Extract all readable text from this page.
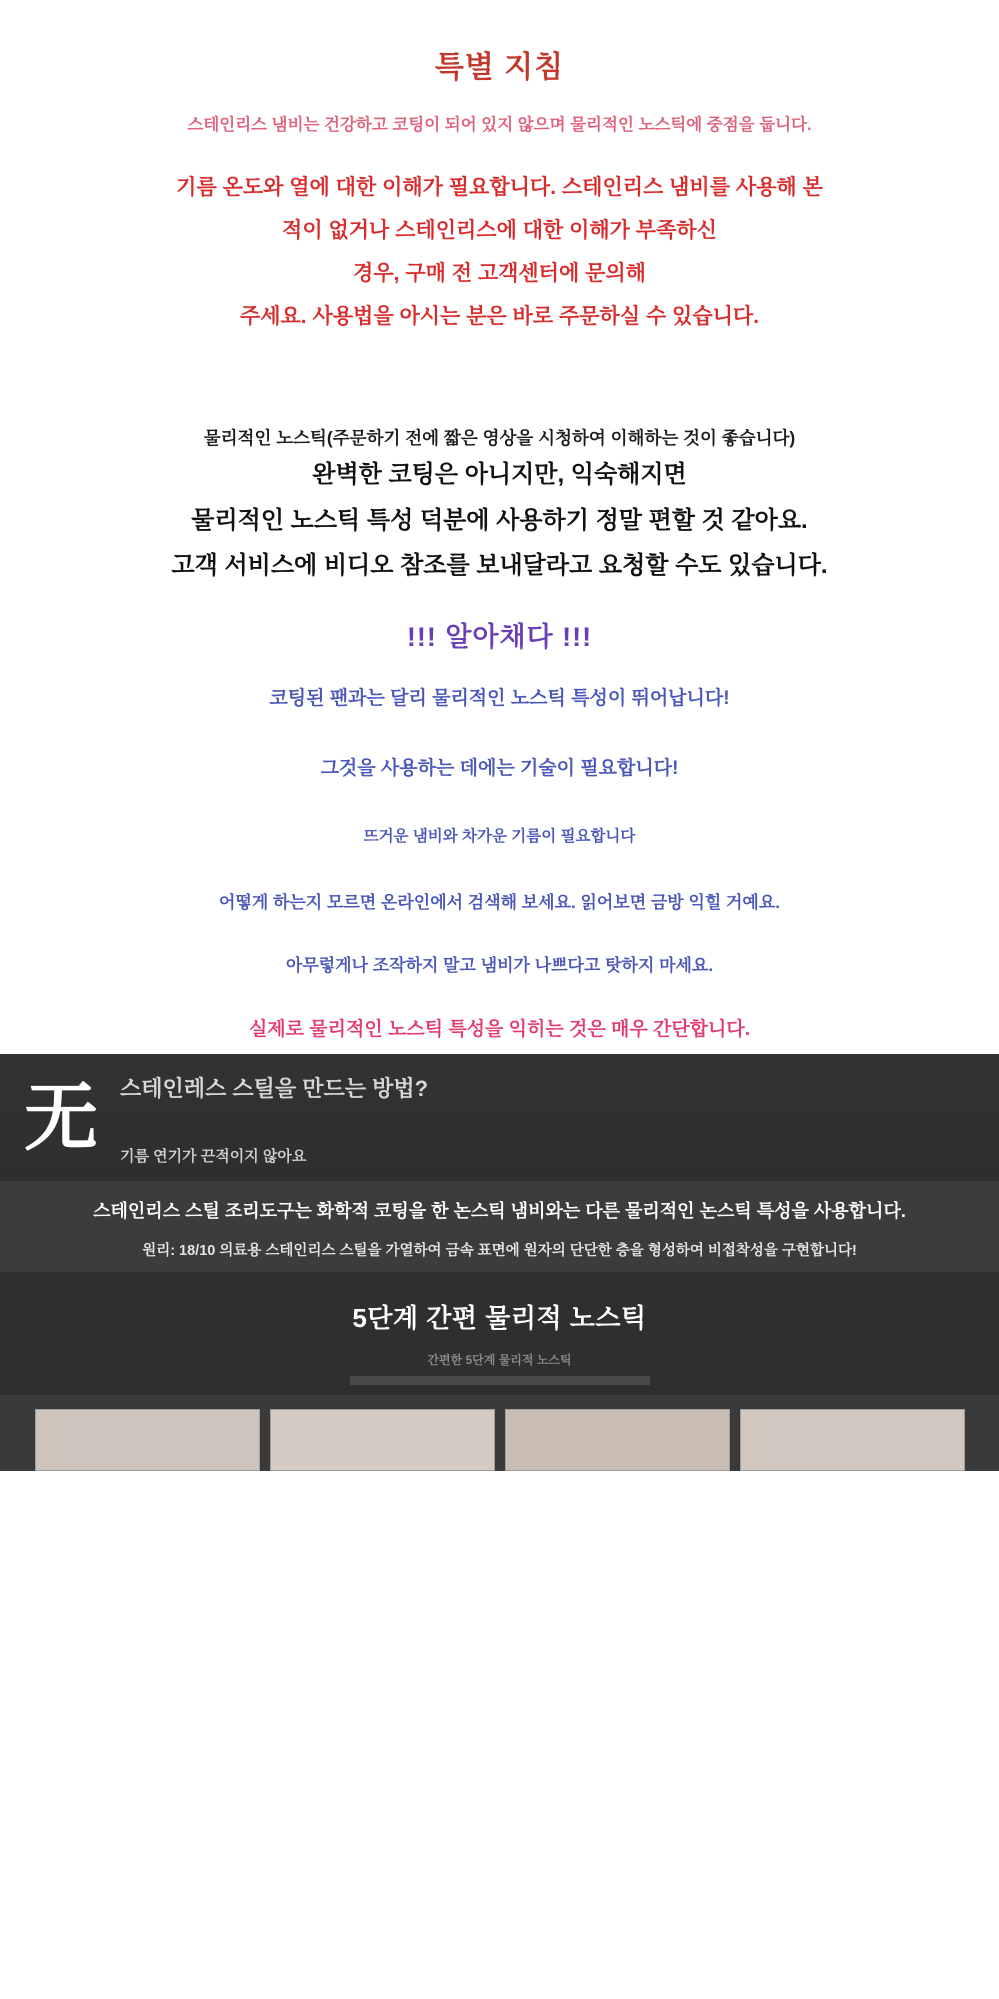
특별 지침
스테인리스 냄비는 건강하고 코팅이 되어 있지 않으며 물리적인 노스틱에 중점을 둡니다.
기름 온도와 열에 대한 이해가 필요합니다. 스테인리스 냄비를 사용해 본
적이 없거나 스테인리스에 대한 이해가 부족하신
경우, 구매 전 고객센터에 문의해
주세요. 사용법을 아시는 분은 바로 주문하실 수 있습니다.
물리적인 노스틱(주문하기 전에 짧은 영상을 시청하여 이해하는 것이 좋습니다)
완벽한 코팅은 아니지만, 익숙해지면
물리적인 노스틱 특성 덕분에 사용하기 정말 편할 것 같아요.
고객 서비스에 비디오 참조를 보내달라고 요청할 수도 있습니다.
!!! 알아채다 !!!
코팅된 팬과는 달리 물리적인 노스틱 특성이 뛰어납니다!
그것을 사용하는 데에는 기술이 필요합니다!
뜨거운 냄비와 차가운 기름이 필요합니다
어떻게 하는지 모르면 온라인에서 검색해 보세요. 읽어보면 금방 익힐 거예요.
아무렇게나 조작하지 말고 냄비가 나쁘다고 탓하지 마세요.
실제로 물리적인 노스틱 특성을 익히는 것은 매우 간단합니다.
无	스테인레스 스틸을 만드는 방법?
기름 연기가 끈적이지 않아요
스테인리스 스틸 조리도구는 화학적 코팅을 한 논스틱 냄비와는 다른 물리적인 논스틱 특성을 사용합니다.
원리: 18/10 의료용 스테인리스 스틸을 가열하여 금속 표면에 원자의 단단한 층을 형성하여 비접착성을 구현합니다!
5단계 간편 물리적 노스틱
간편한 5단계 물리적 노스틱
